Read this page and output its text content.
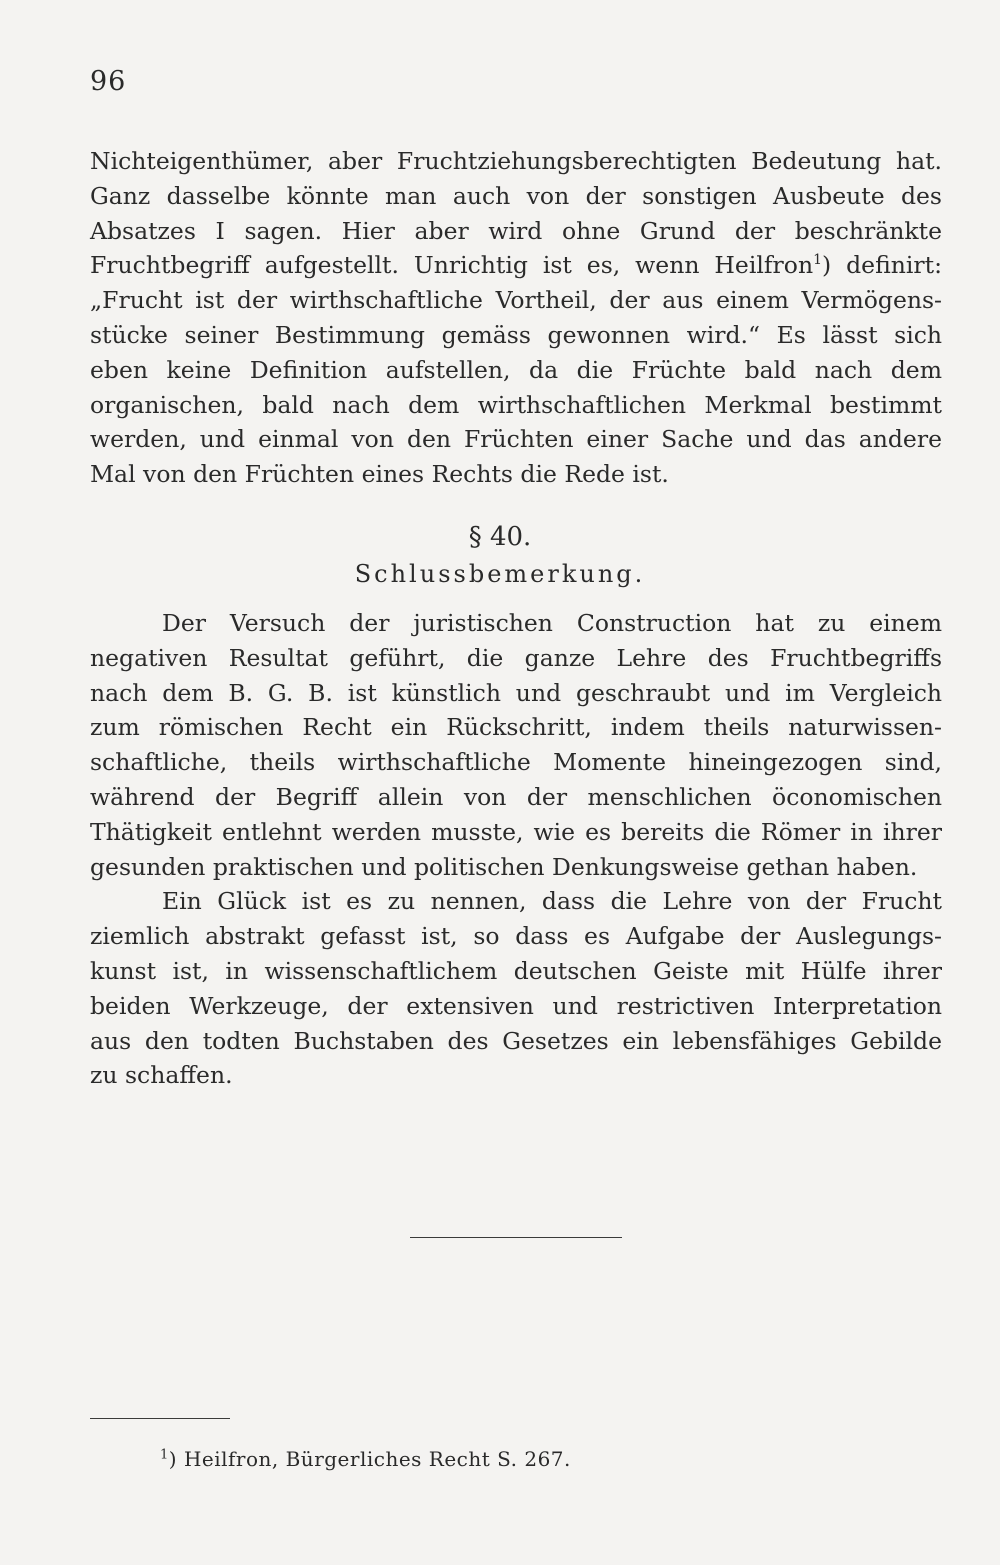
96
Nichteigenthümer, aber Fruchtziehungsberechtigten Bedeutung hat.
Ganz dasselbe könnte man auch von der sonstigen Ausbeute des
Absatzes I sagen. Hier aber wird ohne Grund der beschränkte
Fruchtbegriff aufgestellt. Unrichtig ist es, wenn Heilfron$^1$) definirt:
„Frucht ist der wirthschaftliche Vortheil, der aus einem Vermögens-
stücke seiner Bestimmung gemäss gewonnen wird.“ Es lässt sich
eben keine Definition aufstellen, da die Früchte bald nach dem
organischen, bald nach dem wirthschaftlichen Merkmal bestimmt
werden, und einmal von den Früchten einer Sache und das andere
Mal von den Früchten eines Rechts die Rede ist.
§ 40.
Schlussbemerkung.
Der Versuch der juristischen Construction hat zu einem
negativen Resultat geführt, die ganze Lehre des Fruchtbegriffs
nach dem B. G. B. ist künstlich und geschraubt und im Vergleich
zum römischen Recht ein Rückschritt, indem theils naturwissen-
schaftliche, theils wirthschaftliche Momente hineingezogen sind,
während der Begriff allein von der menschlichen öconomischen
Thätigkeit entlehnt werden musste, wie es bereits die Römer in ihrer
gesunden praktischen und politischen Denkungsweise gethan haben.
Ein Glück ist es zu nennen, dass die Lehre von der Frucht
ziemlich abstrakt gefasst ist, so dass es Aufgabe der Auslegungs-
kunst ist, in wissenschaftlichem deutschen Geiste mit Hülfe ihrer
beiden Werkzeuge, der extensiven und restrictiven Interpretation
aus den todten Buchstaben des Gesetzes ein lebensfähiges Gebilde
zu schaffen.
$^1$) Heilfron, Bürgerliches Recht S. 267.
